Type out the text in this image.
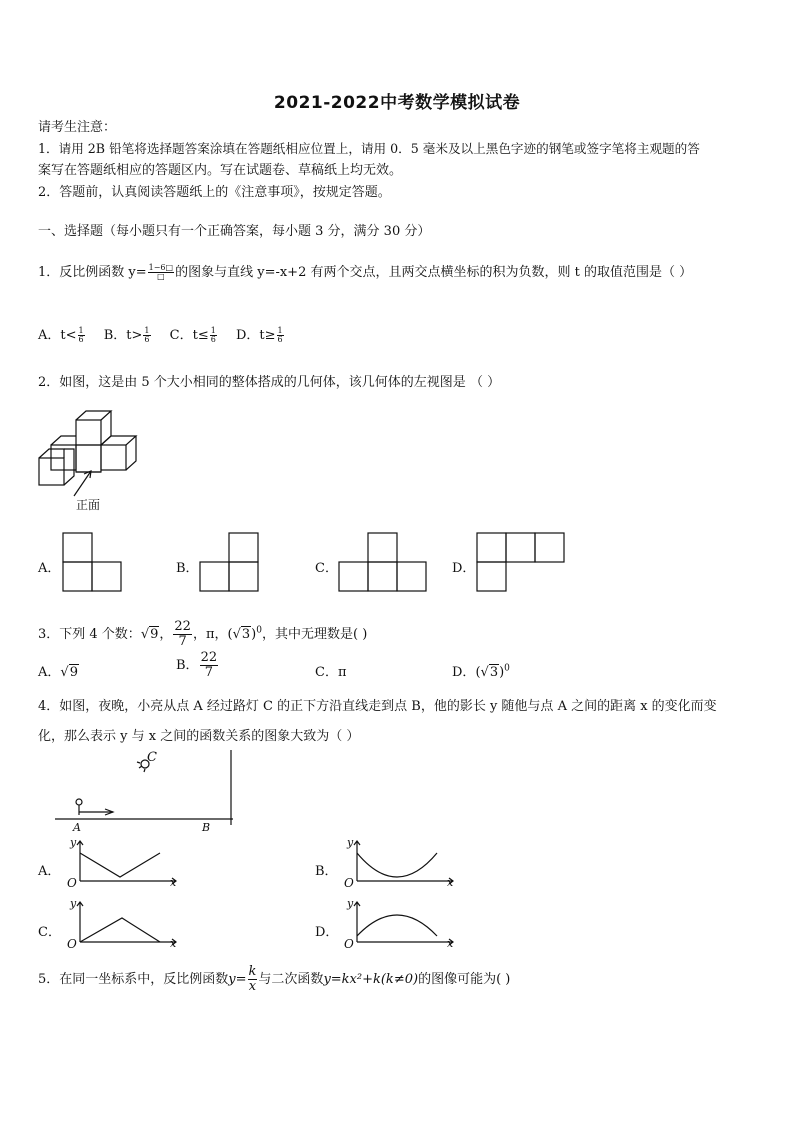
2021-2022中考数学模拟试卷
请考生注意：
1．请用 2B 铅笔将选择题答案涂填在答题纸相应位置上，请用 0．5 毫米及以上黑色字迹的钢笔或签字笔将主观题的答
案写在答题纸相应的答题区内。写在试题卷、草稿纸上均无效。
2．答题前，认真阅读答题纸上的《注意事项》，按规定答题。
一、选择题（每小题只有一个正确答案，每小题 3 分，满分 30 分）
1．反比例函数 $y= \frac{1-6□}{□}$ 的图象与直线 y=-x+2 有两个交点，且两交点横坐标的积为负数，则 t 的取值范围是（ ）
A．$t< \frac{1}{6}$ B．$t> \frac{1}{6}$ C．$t\le \frac{1}{6}$ D．$t\ge \frac{1}{6}$
2．如图，这是由 5 个大小相同的整体搭成的几何体，该几何体的左视图是 （ ）
正面
A．	B．	C．	D．
3．下列 4 个数：√9， $\frac{22}{7}$ ，π，$(√3)^0$，其中无理数是( )
A．√9	B． $\frac{22}{7}$	C．π	D．$(√3)^0$
4．如图，夜晚，小亮从点 A 经过路灯 C 的正下方沿直线走到点 B，他的影长 y 随他与点 A 之间的距离 x 的变化而变
化，那么表示 y 与 x 之间的函数关系的图象大致为（ ）
C
A	B
A．
y
O	x
B．
y
O	x
C．
y
O	x
D．
y
O	x
5．在同一坐标系中，反比例函数$y= \frac{k}{x}$ 与二次函数y=kx²+k(k≠0)的图像可能为( )
